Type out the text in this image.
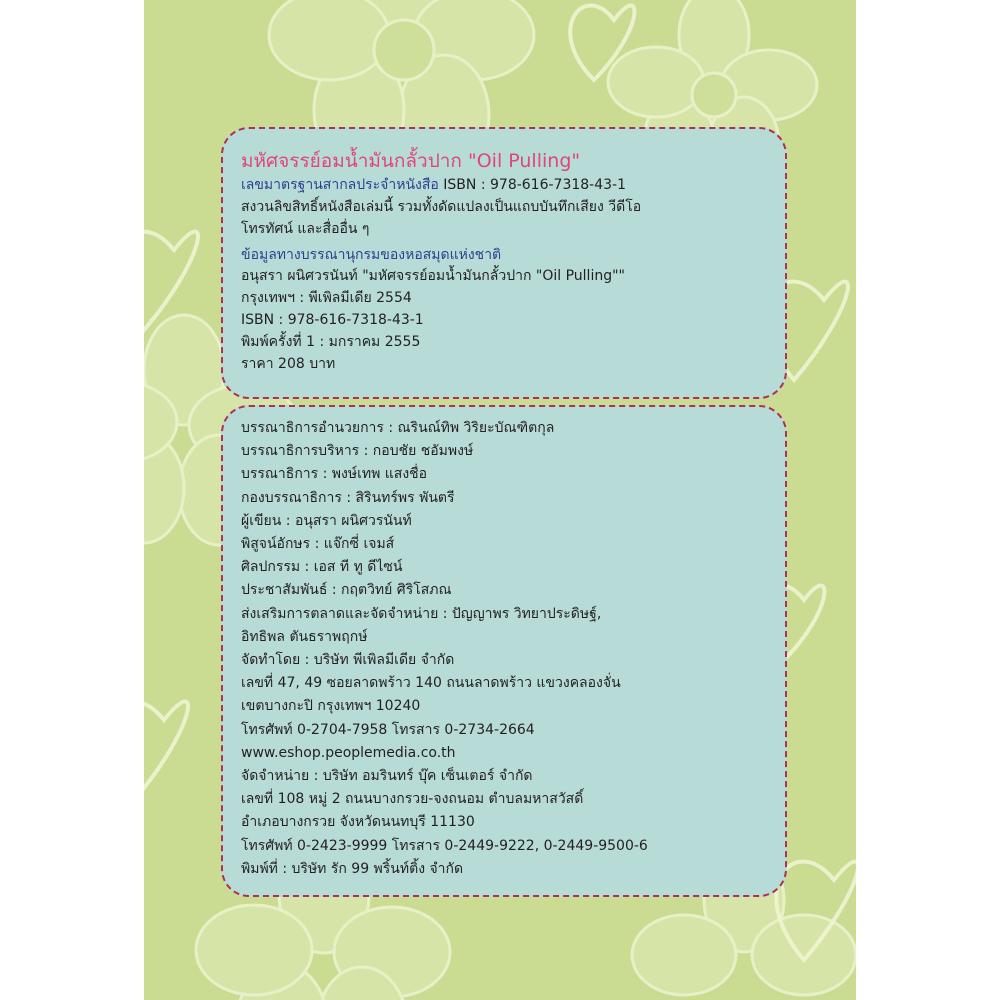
มหัศจรรย์อมน้ำมันกลั้วปาก "Oil Pulling"
เลขมาตรฐานสากลประจำหนังสือ ISBN : 978-616-7318-43-1
สงวนลิขสิทธิ์หนังสือเล่มนี้ รวมทั้งดัดแปลงเป็นแถบบันทึกเสียง วีดีโอ
โทรทัศน์ และสื่ออื่น ๆ
ข้อมูลทางบรรณานุกรมของหอสมุดแห่งชาติ
อนุสรา ผนิศวรนันท์ "มหัศจรรย์อมน้ำมันกลั้วปาก "Oil Pulling""
กรุงเทพฯ : พีเพิลมีเดีย 2554
ISBN : 978-616-7318-43-1
พิมพ์ครั้งที่ 1 : มกราคม 2555
ราคา 208 บาท
บรรณาธิการอำนวยการ : ณรินณ์ทิพ วิริยะบัณฑิตกุล
บรรณาธิการบริหาร : กอบชัย ชอัมพงษ์
บรรณาธิการ : พงษ์เทพ แสงชื่อ
กองบรรณาธิการ : สิรินทร์พร พันตรี
ผู้เขียน : อนุสรา ผนิศวรนันท์
พิสูจน์อักษร : แจ๊กซี่ เจมส์
ศิลปกรรม : เอส ที ทู ดีไซน์
ประชาสัมพันธ์ : กฤตวิทย์ ศิริโสภณ
ส่งเสริมการตลาดและจัดจำหน่าย : ปัญญาพร วิทยาประดิษฐ์,
อิทธิพล ตันธราพฤกษ์
จัดทำโดย : บริษัท พีเพิลมีเดีย จำกัด
เลขที่ 47, 49 ซอยลาดพร้าว 140 ถนนลาดพร้าว แขวงคลองจั่น
เขตบางกะปิ กรุงเทพฯ 10240
โทรศัพท์ 0-2704-7958 โทรสาร 0-2734-2664
www.eshop.peoplemedia.co.th
จัดจำหน่าย : บริษัท อมรินทร์ บุ๊ค เซ็นเตอร์ จำกัด
เลขที่ 108 หมู่ 2 ถนนบางกรวย-จงถนอม ตำบลมหาสวัสดิ์
อำเภอบางกรวย จังหวัดนนทบุรี 11130
โทรศัพท์ 0-2423-9999 โทรสาร 0-2449-9222, 0-2449-9500-6
พิมพ์ที่ : บริษัท รัก 99 พริ้นท์ติ้ง จำกัด
